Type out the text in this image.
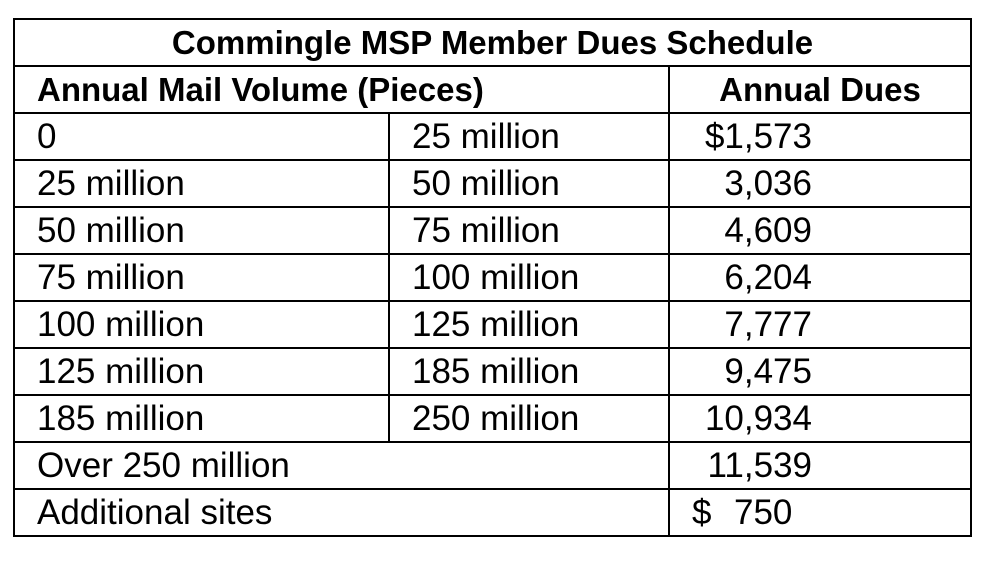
Commingle MSP Member Dues Schedule		
Annual Mail Volume (Pieces)		Annual Dues
0	25 million	$1,573
25 million	50 million	3,036
50 million	75 million	4,609
75 million	100 million	6,204
100 million	125 million	7,777
125 million	185 million	9,475
185 million	250 million	10,934
Over 250 million		11,539
Additional sites		$ 750
